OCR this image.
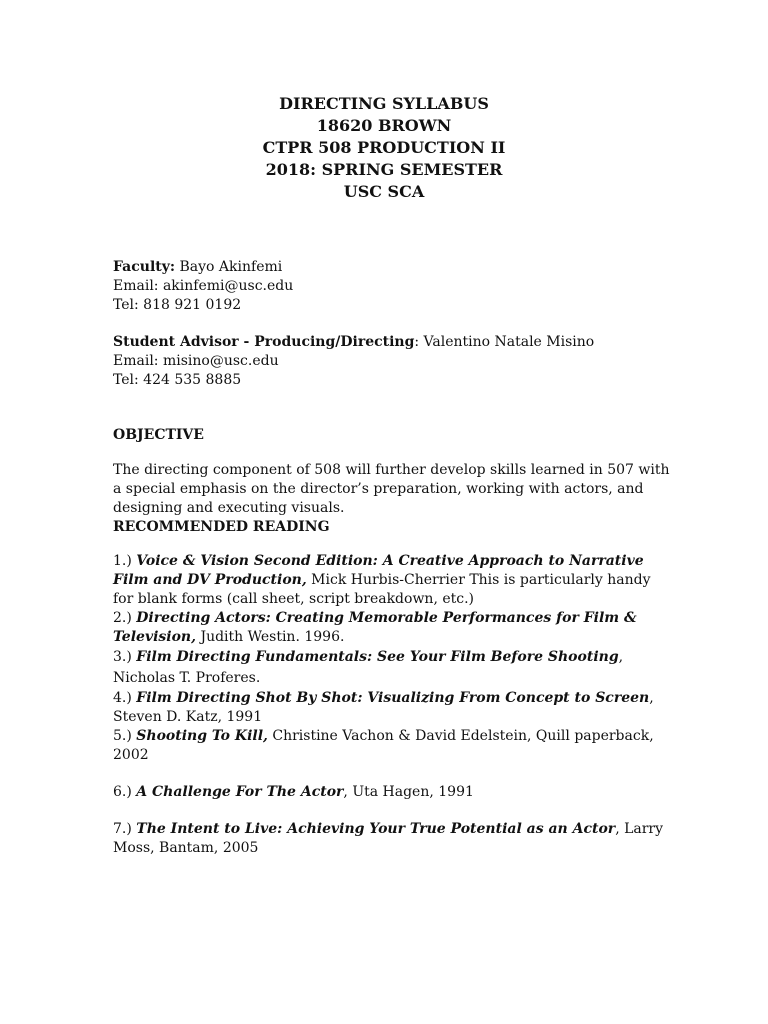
DIRECTING SYLLABUS
18620 BROWN
CTPR 508 PRODUCTION II
2018: SPRING SEMESTER
USC SCA

Faculty: Bayo Akinfemi

Email: akinfemi@usc.edu

Tel: 818 921 0192

Student Advisor - Producing/Directing: Valentino Natale Misino

Email: misino@usc.edu

Tel: 424 535 8885

OBJECTIVE

The directing component of 508 will further develop skills learned in 507 with a special emphasis on the director’s preparation, working with actors, and designing and executing visuals.

RECOMMENDED READING

1.) Voice & Vision Second Edition: A Creative Approach to Narrative Film and DV Production, Mick Hurbis-Cherrier This is particularly handy for blank forms (call sheet, script breakdown, etc.)

2.) Directing Actors: Creating Memorable Performances for Film & Television, Judith Westin. 1996.

3.) Film Directing Fundamentals: See Your Film Before Shooting, Nicholas T. Proferes.

4.) Film Directing Shot By Shot: Visualizing From Concept to Screen, Steven D. Katz, 1991

5.) Shooting To Kill, Christine Vachon & David Edelstein, Quill paperback, 2002

6.) A Challenge For The Actor, Uta Hagen, 1991

7.) The Intent to Live: Achieving Your True Potential as an Actor, Larry Moss, Bantam, 2005
